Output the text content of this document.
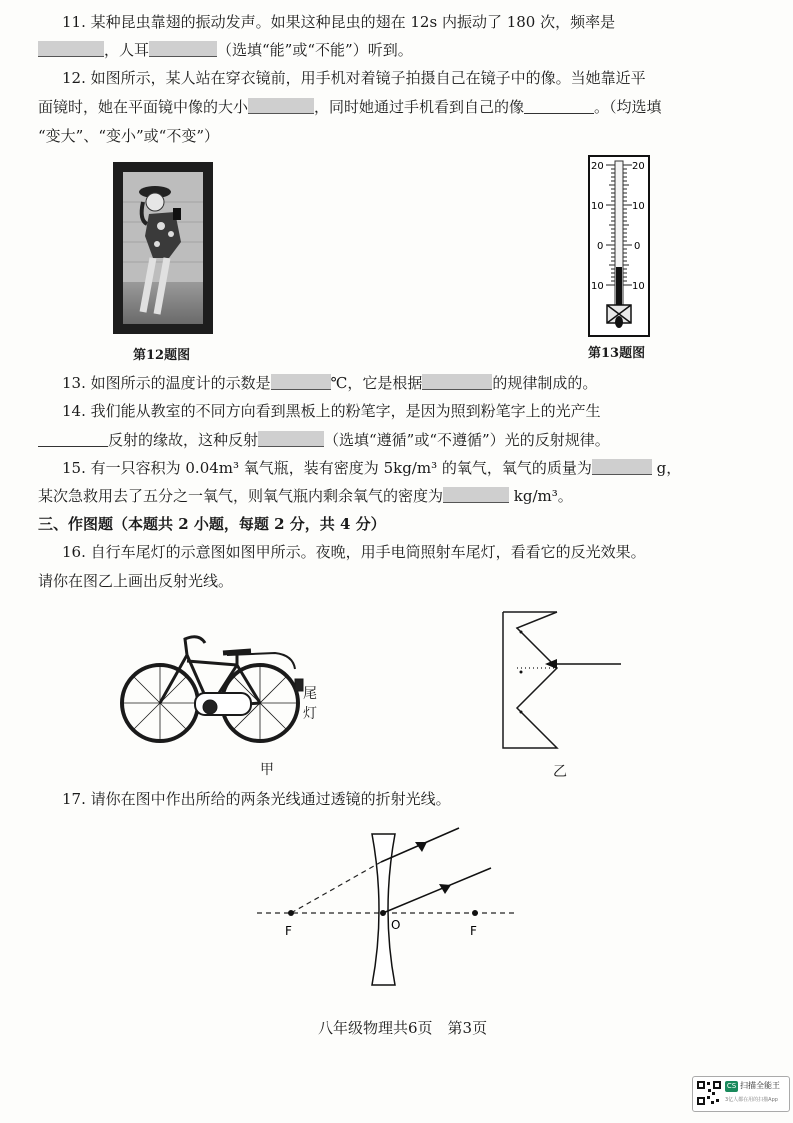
11. 某种昆虫靠翅的振动发声。如果这种昆虫的翅在 12s 内振动了 180 次，频率是
，人耳	（选填“能”或“不能”）听到。
12. 如图所示，某人站在穿衣镜前，用手机对着镜子拍摄自己在镜子中的像。当她靠近平
面镜时，她在平面镜中像的大小	，同时她通过手机看到自己的像	。（均选填
“变大”、“变小”或“不变”）
第12题图
20	20
10	10
0	0
10	10
第13题图
13. 如图所示的温度计的示数是	℃，它是根据	的规律制成的。
14. 我们能从教室的不同方向看到黑板上的粉笔字，是因为照到粉笔字上的光产生
反射的缘故，这种反射	（选填“遵循”或“不遵循”）光的反射规律。
15. 有一只容积为 0.04m³ 氧气瓶，装有密度为 5kg/m³ 的氧气，氧气的质量为	g，
某次急救用去了五分之一氧气，则氧气瓶内剩余氧气的密度为	kg/m³。
三、作图题（本题共 2 小题，每题 2 分，共 4 分）
16. 自行车尾灯的示意图如图甲所示。夜晚，用手电筒照射车尾灯，看看它的反光效果。
请你在图乙上画出反射光线。
尾
灯
甲	乙
17. 请你在图中作出所给的两条光线通过透镜的折射光线。
F	O	F
八年级物理共6页　第3页
CS 扫描全能王
3亿人都在用的扫描App
